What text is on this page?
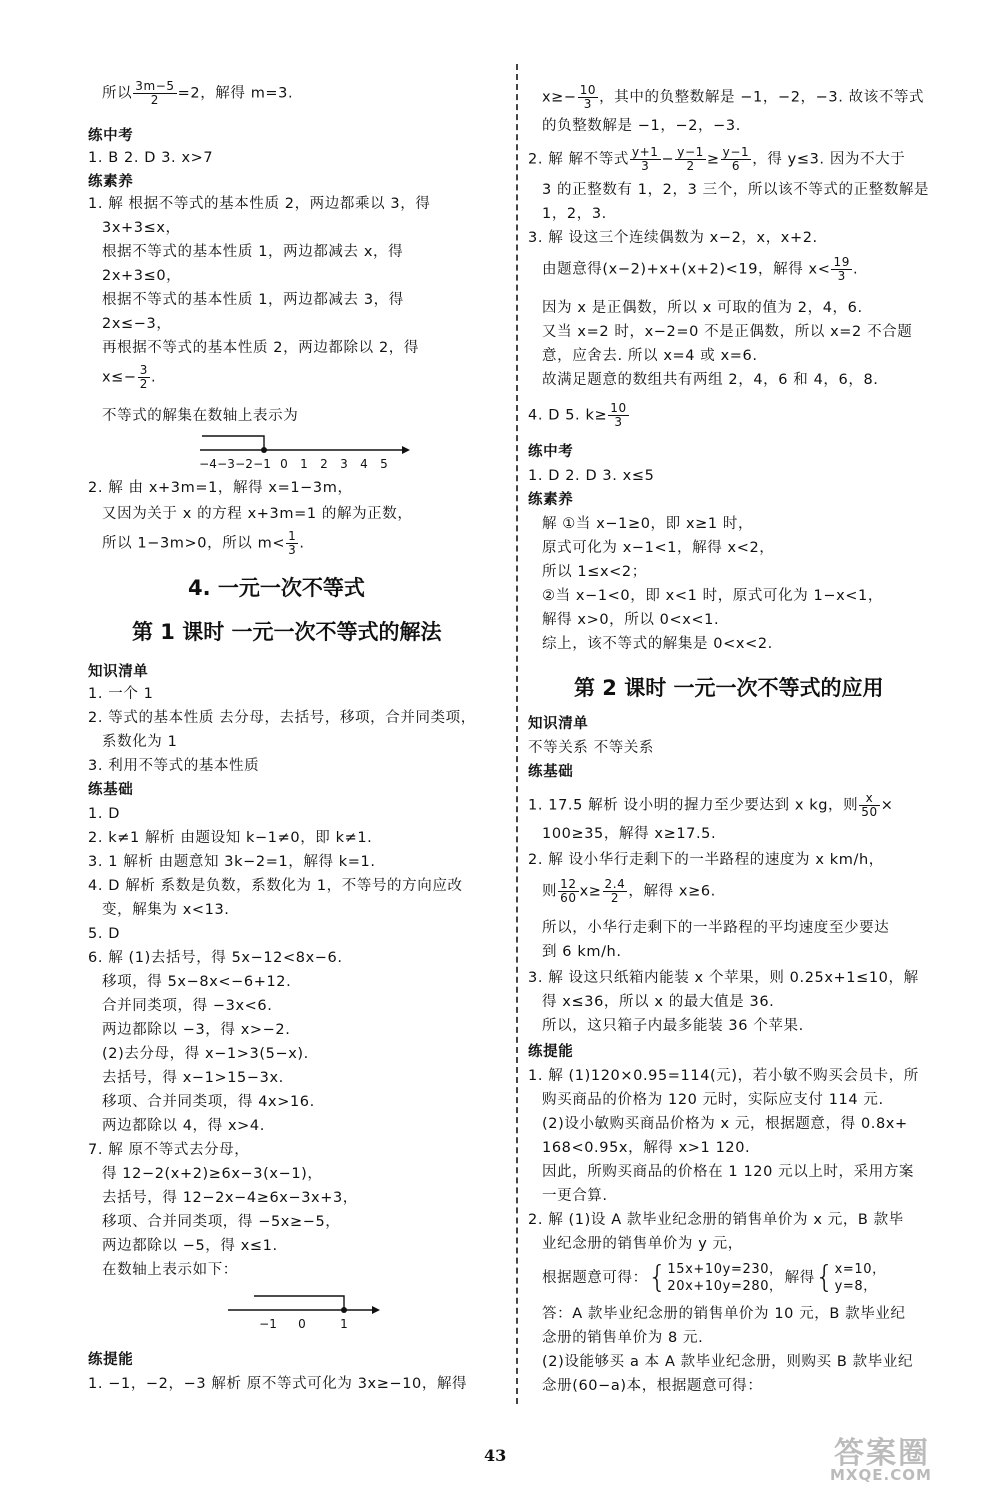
所以 $\frac{3m-5}{2} =2$，解得 m=3.
练中考
1. B 2. D 3. x>7
练素养
1. 解 根据不等式的基本性质 2，两边都乘以 3，得
3x+3≤x，
根据不等式的基本性质 1，两边都减去 x，得
2x+3≤0，
根据不等式的基本性质 1，两边都减去 3，得
2x≤−3，
再根据不等式的基本性质 2，两边都除以 2，得
$x\le- \frac{3}{2}$ .
不等式的解集在数轴上表示为
−4 −3 −2 −1 0 1 2 3 4 5
2. 解 由 x+3m=1，解得 x=1−3m，
又因为关于 x 的方程 x+3m=1 的解为正数，
所以 1−3m>0，所以 $m< \frac{1}{3}$ .
4. 一元一次不等式
第 1 课时 一元一次不等式的解法
知识清单
1. 一个 1
2. 等式的基本性质 去分母，去括号，移项，合并同类项，
系数化为 1
3. 利用不等式的基本性质
练基础
1. D
2. k≠1 解析 由题设知 k−1≠0，即 k≠1.
3. 1 解析 由题意知 3k−2=1，解得 k=1.
4. D 解析 系数是负数，系数化为 1，不等号的方向应改
变，解集为 x<13.
5. D
6. 解 (1)去括号，得 5x−12<8x−6.
移项，得 5x−8x<−6+12.
合并同类项，得 −3x<6.
两边都除以 −3，得 x>−2.
(2)去分母，得 x−1>3(5−x).
去括号，得 x−1>15−3x.
移项、合并同类项，得 4x>16.
两边都除以 4，得 x>4.
7. 解 原不等式去分母，
得 12−2(x+2)≥6x−3(x−1)，
去括号，得 12−2x−4≥6x−3x+3，
移项、合并同类项，得 −5x≥−5，
两边都除以 −5，得 x≤1.
在数轴上表示如下：
−1 0	1
练提能
1. −1，−2，−3 解析 原不等式可化为 3x≥−10，解得
$x\ge- \frac{10}{3}$ ，其中的负整数解是 −1，−2，−3. 故该不等式
的负整数解是 −1，−2，−3.
2. 解 解不等式 $\frac{y+1}{3} - \frac{y-1}{2} \ge \frac{y-1}{6}$ ，得 y≤3. 因为不大于
3 的正整数有 1，2，3 三个，所以该不等式的正整数解是
1，2，3.
3. 解 设这三个连续偶数为 x−2，x，x+2.
由题意得(x−2)+x+(x+2)<19，解得 $x< \frac{19}{3}$ .
因为 x 是正偶数，所以 x 可取的值为 2，4，6.
又当 x=2 时，x−2=0 不是正偶数，所以 x=2 不合题
意，应舍去. 所以 x=4 或 x=6.
故满足题意的数组共有两组 2，4，6 和 4，6，8.
4. D 5. $k\ge \frac{10}{3}$
练中考
1. D 2. D 3. x≤5
练素养
解 ①当 x−1≥0，即 x≥1 时，
原式可化为 x−1<1，解得 x<2，
所以 1≤x<2；
②当 x−1<0，即 x<1 时，原式可化为 1−x<1，
解得 x>0，所以 0<x<1.
综上，该不等式的解集是 0<x<2.
第 2 课时 一元一次不等式的应用
知识清单
不等关系 不等关系
练基础
1. 17.5 解析 设小明的握力至少要达到 x kg，则 $\frac{x}{50}$ ×
100≥35，解得 x≥17.5.
2. 解 设小华行走剩下的一半路程的速度为 x km/h，
则 $\frac{12}{60} x\ge \frac{2.4}{2}$ ，解得 x≥6.
所以，小华行走剩下的一半路程的平均速度至少要达
到 6 km/h.
3. 解 设这只纸箱内能装 x 个苹果，则 0.25x+1≤10，解
得 x≤36，所以 x 的最大值是 36.
所以，这只箱子内最多能装 36 个苹果.
练提能
1. 解 (1)120×0.95=114(元)，若小敏不购买会员卡，所
购买商品的价格为 120 元时，实际应支付 114 元.
(2)设小敏购买商品价格为 x 元，根据题意，得 0.8x+
168<0.95x，解得 x>1 120.
因此，所购买商品的价格在 1 120 元以上时，采用方案
一更合算.
2. 解 (1)设 A 款毕业纪念册的销售单价为 x 元，B 款毕
业纪念册的销售单价为 y 元，
根据题意可得：{ 15x+10y=230，
20x+10y=280，
解得{ x=10，
y=8，
答：A 款毕业纪念册的销售单价为 10 元，B 款毕业纪
念册的销售单价为 8 元.
(2)设能够买 a 本 A 款毕业纪念册，则购买 B 款毕业纪
念册(60−a)本，根据题意可得：
43	答案圈
MXQE.COM
